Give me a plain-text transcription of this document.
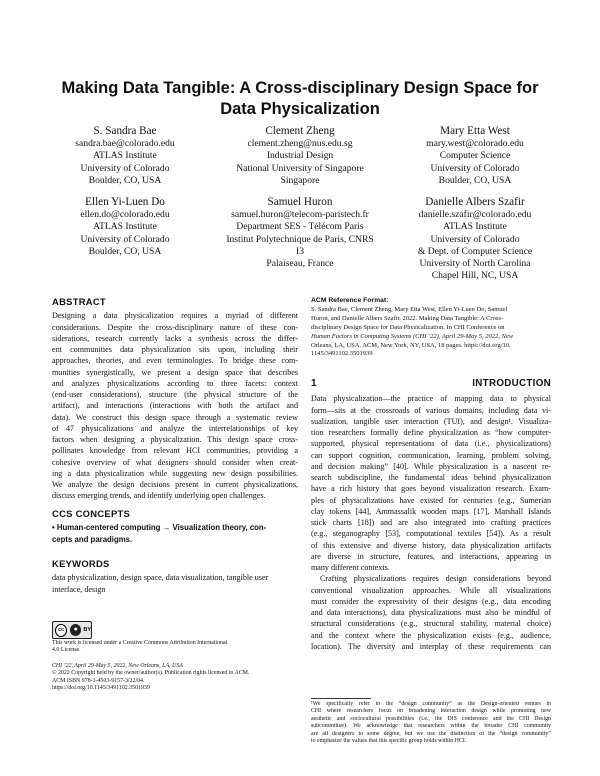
Making Data Tangible: A Cross-disciplinary Design Space for
Data Physicalization
S. Sandra Bae
sandra.bae@colorado.edu
ATLAS Institute
University of Colorado
Boulder, CO, USA
Clement Zheng
clement.zheng@nus.edu.sg
Industrial Design
National University of Singapore
Singapore
Mary Etta West
mary.west@colorado.edu
Computer Science
University of Colorado
Boulder, CO, USA
Ellen Yi-Luen Do
ellen.do@colorado.edu
ATLAS Institute
University of Colorado
Boulder, CO, USA
Samuel Huron
samuel.huron@telecom-paristech.fr
Department SES - Télécom Paris
Institut Polytechnique de Paris, CNRS
I3
Palaiseau, France
Danielle Albers Szafir
danielle.szafir@colorado.edu
ATLAS Institute
University of Colorado
& Dept. of Computer Science
University of North Carolina
Chapel Hill, NC, USA
ABSTRACT
Designing a data physicalization requires a myriad of different
considerations. Despite the cross-disciplinary nature of these con-
siderations, research currently lacks a synthesis across the differ-
ent communities data physicalization sits upon, including their
approaches, theories, and even terminologies. To bridge these com-
munities synergistically, we present a design space that describes
and analyzes physicalizations according to three facets: context
(end-user considerations), structure (the physical structure of the
artifact), and interactions (interactions with both the artifact and
data). We construct this design space through a systematic review
of 47 physicalizations and analyze the interrelationships of key
factors when designing a physicalization. This design space cross-
pollinates knowledge from relevant HCI communities, providing a
cohesive overview of what designers should consider when creat-
ing a data physicalization while suggesting new design possibilities.
We analyze the design decisions present in current physicalizations,
discuss emerging trends, and identify underlying open challenges.
CCS CONCEPTS
• Human-centered computing → Visualization theory, con-
cepts and paradigms.
KEYWORDS
data physicalization, design space, data visualization, tangible user
interface, design
cc	● BY
This work is licensed under a Creative Commons Attribution International
4.0 License.
CHI ’22, April 29-May 5, 2022, New Orleans, LA, USA
© 2022 Copyright held by the owner/author(s). Publication rights licensed to ACM.
ACM ISBN 978-1-4503-9157-3/22/04.
https://doi.org/10.1145/3491102.3501939
ACM Reference Format:
S. Sandra Bae, Clement Zheng, Mary Etta West, Ellen Yi-Luen Do, Samuel
Huron, and Danielle Albers Szafir. 2022. Making Data Tangible: A Cross-
disciplinary Design Space for Data Physicalization. In CHI Conference on
Human Factors in Computing Systems (CHI ’22), April 29-May 5, 2022, New
Orleans, LA, USA. ACM, New York, NY, USA, 18 pages. https://doi.org/10.
1145/3491102.3501939
1 INTRODUCTION
Data physicalization—the practice of mapping data to physical
form—sits at the crossroads of various domains, including data vi-
sualization, tangible user interaction (TUI), and design¹. Visualiza-
tion researchers formally define physicalization as “how computer-
supported, physical representations of data (i.e., physicalizations)
can support cognition, communication, learning, problem solving,
and decision making” [40]. While physicalization is a nascent re-
search subdiscipline, the fundamental ideas behind physicalization
have a rich history that goes beyond visualization research. Exam-
ples of physicalizations have existed for centuries (e.g., Sumerian
clay tokens [44], Ammassalik wooden maps [17], Marshall Islands
stick charts [18]) and are also integrated into crafting practices
(e.g., steganography [53], computational textiles [54]). As a result
of this extensive and diverse history, data physicalization artifacts
are diverse in structure, features, and interactions, appearing in
many different contexts.
Crafting physicalizations requires design considerations beyond
conventional visualization approaches. While all visualizations
must consider the expressivity of their designs (e.g., data encoding
and data interactions), data physicalizations must also be mindful of
structural considerations (e.g., structural stability, material choice)
and the context where the physicalization exists (e.g., audience,
location). The diversity and interplay of these requirements can
¹We specifically refer to the “design community” as the Design-oriented venues in
CHI where researchers focus on broadening interaction design while promoting new
aesthetic and sociocultural possibilities (i.e., the DIS conference and the CHI Design
subcommittee). We acknowledge that researchers within the broader CHI community
are all designers to some degree, but we use the distinction of the “design community”
to emphasize the values that this specific group holds within HCI.
